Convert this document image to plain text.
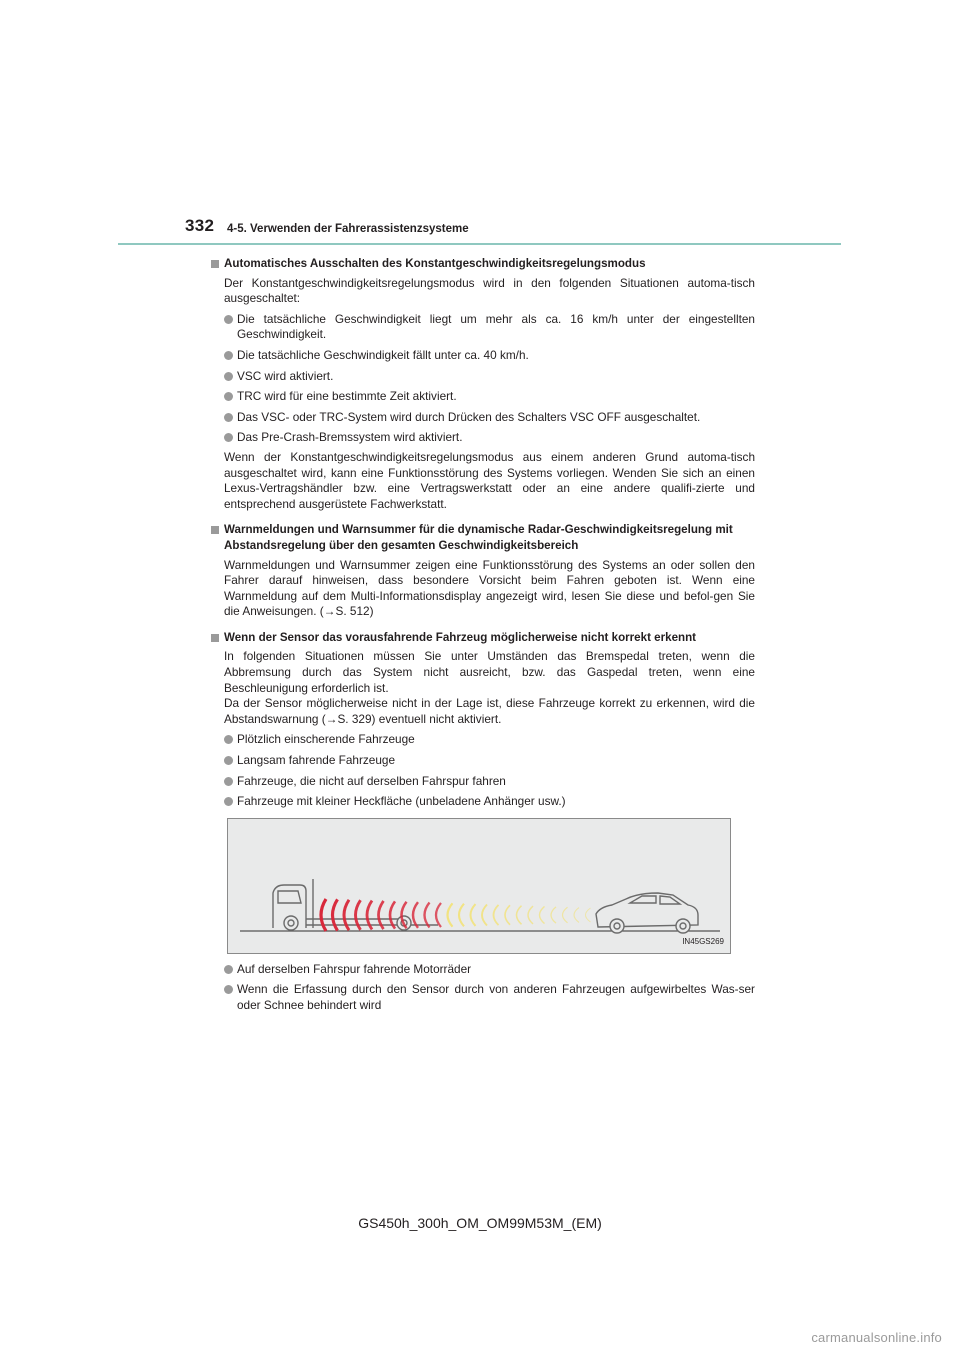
332 4-5. Verwenden der Fahrerassistenzsysteme
Automatisches Ausschalten des Konstantgeschwindigkeitsregelungsmodus
Der Konstantgeschwindigkeitsregelungsmodus wird in den folgenden Situationen automa-tisch ausgeschaltet:
Die tatsächliche Geschwindigkeit liegt um mehr als ca. 16 km/h unter der eingestellten Geschwindigkeit.
Die tatsächliche Geschwindigkeit fällt unter ca. 40 km/h.
VSC wird aktiviert.
TRC wird für eine bestimmte Zeit aktiviert.
Das VSC- oder TRC-System wird durch Drücken des Schalters VSC OFF ausgeschaltet.
Das Pre-Crash-Bremssystem wird aktiviert.
Wenn der Konstantgeschwindigkeitsregelungsmodus aus einem anderen Grund automa-tisch ausgeschaltet wird, kann eine Funktionsstörung des Systems vorliegen. Wenden Sie sich an einen Lexus-Vertragshändler bzw. eine Vertragswerkstatt oder an eine andere qualifi-zierte und entsprechend ausgerüstete Fachwerkstatt.
Warnmeldungen und Warnsummer für die dynamische Radar-Geschwindigkeitsregelung mit Abstandsregelung über den gesamten Geschwindigkeitsbereich
Warnmeldungen und Warnsummer zeigen eine Funktionsstörung des Systems an oder sollen den Fahrer darauf hinweisen, dass besondere Vorsicht beim Fahren geboten ist. Wenn eine Warnmeldung auf dem Multi-Informationsdisplay angezeigt wird, lesen Sie diese und befol-gen Sie die Anweisungen. (→S. 512)
Wenn der Sensor das vorausfahrende Fahrzeug möglicherweise nicht korrekt erkennt
In folgenden Situationen müssen Sie unter Umständen das Bremspedal treten, wenn die Abbremsung durch das System nicht ausreicht, bzw. das Gaspedal treten, wenn eine Beschleunigung erforderlich ist.
Da der Sensor möglicherweise nicht in der Lage ist, diese Fahrzeuge korrekt zu erkennen, wird die Abstandswarnung (→S. 329) eventuell nicht aktiviert.
Plötzlich einscherende Fahrzeuge
Langsam fahrende Fahrzeuge
Fahrzeuge, die nicht auf derselben Fahrspur fahren
Fahrzeuge mit kleiner Heckfläche (unbeladene Anhänger usw.)
IN45GS269
Auf derselben Fahrspur fahrende Motorräder
Wenn die Erfassung durch den Sensor durch von anderen Fahrzeugen aufgewirbeltes Was-ser oder Schnee behindert wird
GS450h_300h_OM_OM99M53M_(EM)
carmanualsonline.info
